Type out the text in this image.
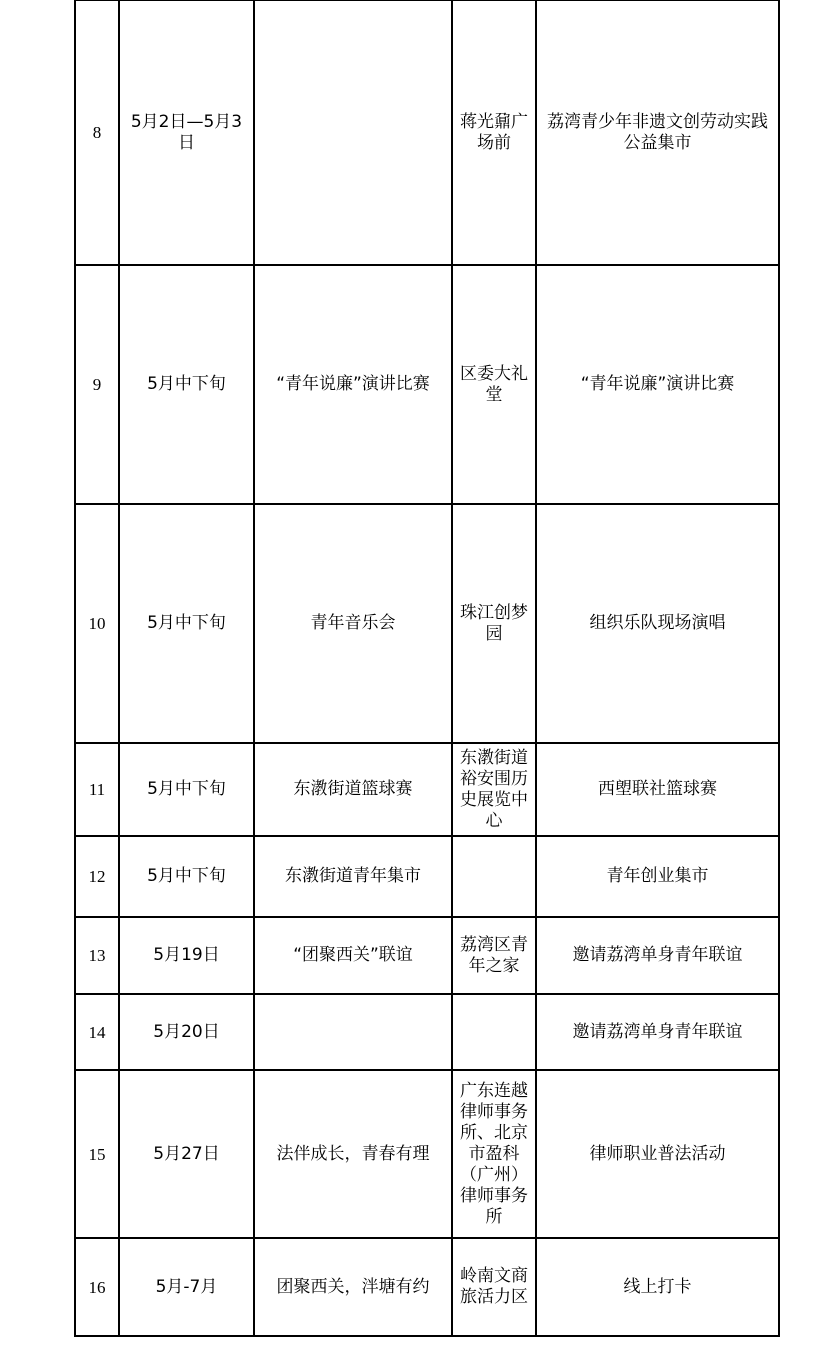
8	5月2日—5月3日		蒋光鼐广场前	荔湾青少年非遗文创劳动实践公益集市
9	5月中下旬	“青年说廉”演讲比赛	区委大礼堂	“青年说廉”演讲比赛
10	5月中下旬	青年音乐会	珠江创梦园	组织乐队现场演唱
11	5月中下旬	东漖街道篮球赛	东漖街道裕安围历史展览中心	西塱联社篮球赛
12	5月中下旬	东漖街道青年集市		青年创业集市
13	5月19日	“团聚西关”联谊	荔湾区青年之家	邀请荔湾单身青年联谊
14	5月20日			邀请荔湾单身青年联谊
15	5月27日	法伴成长，青春有理	广东连越律师事务所、北京市盈科（广州）律师事务所	律师职业普法活动
16	5月-7月	团聚西关，泮塘有约	岭南文商旅活力区	线上打卡
